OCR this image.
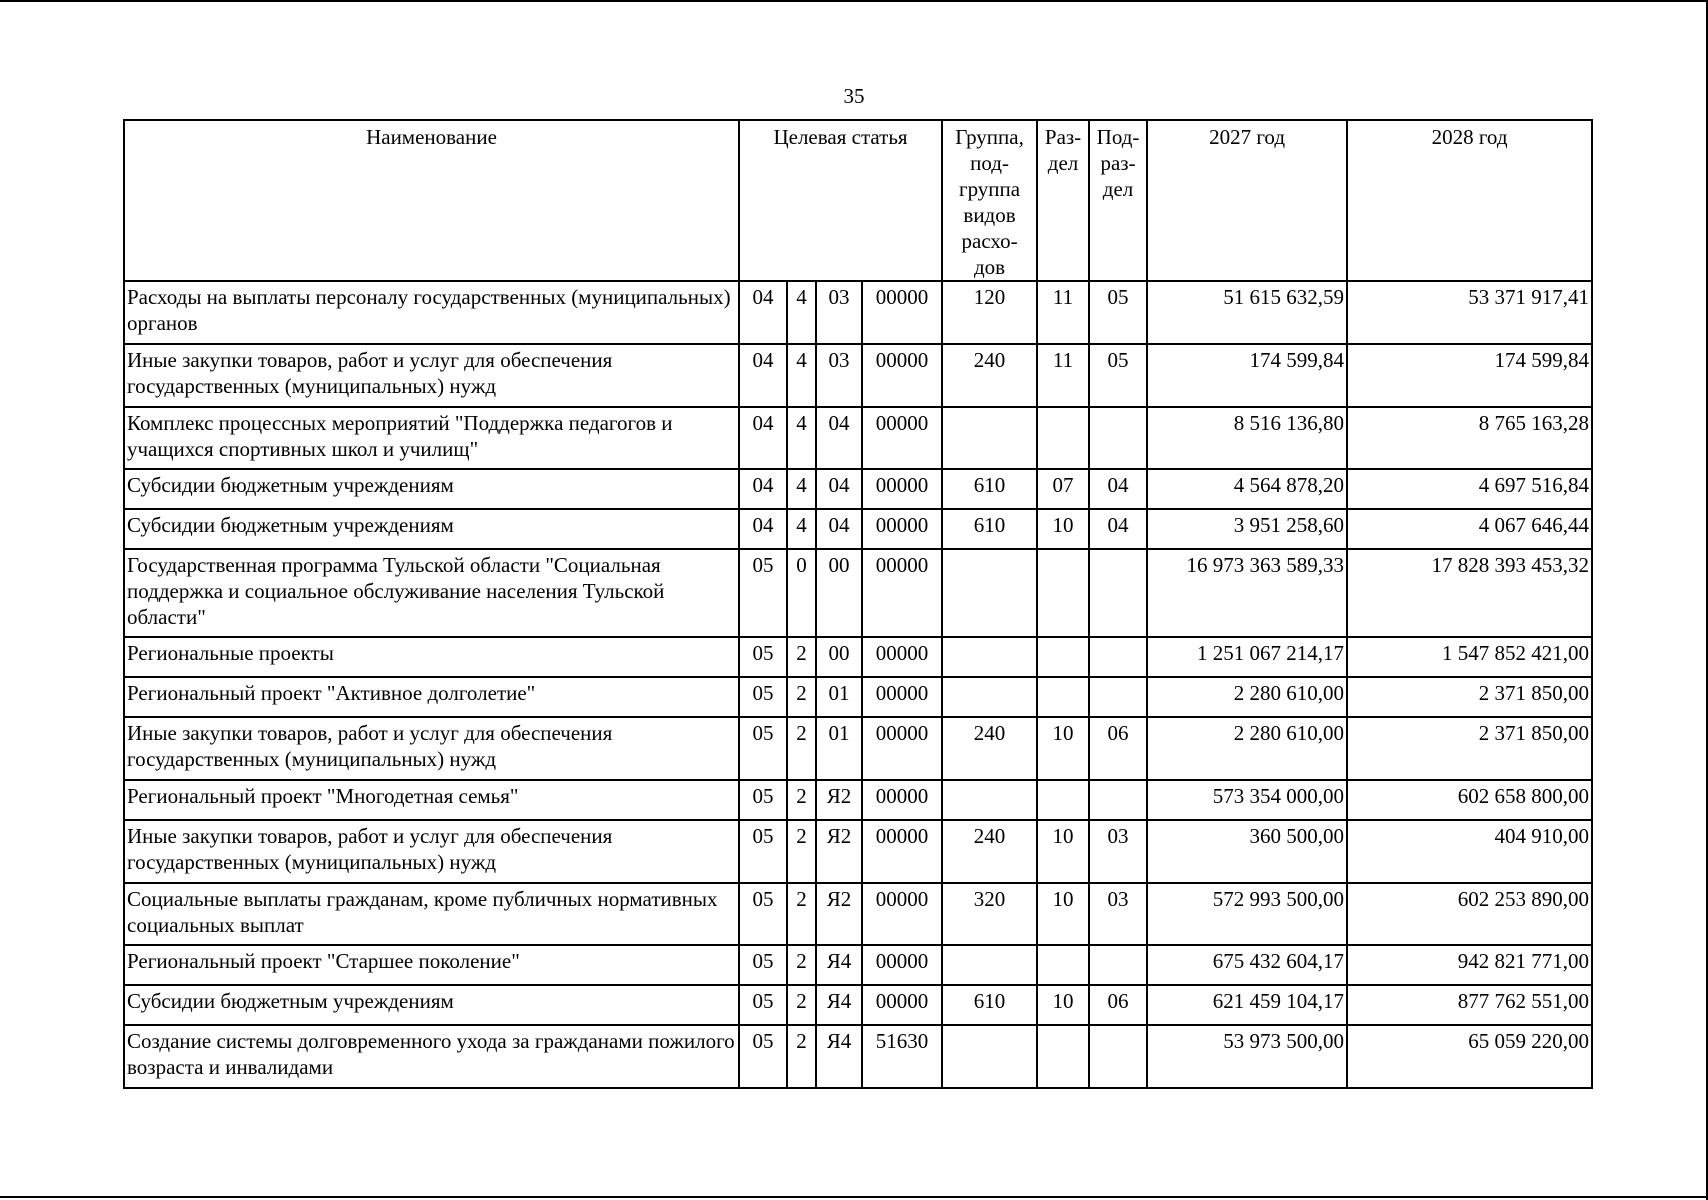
35
Наименование	Целевая статья				Группа, под-группа видов расхо-дов	Раз-дел	Под-раз-дел	2027 год	2028 год
Расходы на выплаты персоналу государственных (муниципальных) органов	04	4	03	00000	120	11	05	51 615 632,59	53 371 917,41
Иные закупки товаров, работ и услуг для обеспечения государственных (муниципальных) нужд	04	4	03	00000	240	11	05	174 599,84	174 599,84
Комплекс процессных мероприятий "Поддержка педагогов и учащихся спортивных школ и училищ"	04	4	04	00000				8 516 136,80	8 765 163,28
Субсидии бюджетным учреждениям	04	4	04	00000	610	07	04	4 564 878,20	4 697 516,84
Субсидии бюджетным учреждениям	04	4	04	00000	610	10	04	3 951 258,60	4 067 646,44
Государственная программа Тульской области "Социальная поддержка и социальное обслуживание населения Тульской области"	05	0	00	00000				16 973 363 589,33	17 828 393 453,32
Региональные проекты	05	2	00	00000				1 251 067 214,17	1 547 852 421,00
Региональный проект "Активное долголетие"	05	2	01	00000				2 280 610,00	2 371 850,00
Иные закупки товаров, работ и услуг для обеспечения государственных (муниципальных) нужд	05	2	01	00000	240	10	06	2 280 610,00	2 371 850,00
Региональный проект "Многодетная семья"	05	2	Я2	00000				573 354 000,00	602 658 800,00
Иные закупки товаров, работ и услуг для обеспечения государственных (муниципальных) нужд	05	2	Я2	00000	240	10	03	360 500,00	404 910,00
Социальные выплаты гражданам, кроме публичных нормативных социальных выплат	05	2	Я2	00000	320	10	03	572 993 500,00	602 253 890,00
Региональный проект "Старшее поколение"	05	2	Я4	00000				675 432 604,17	942 821 771,00
Субсидии бюджетным учреждениям	05	2	Я4	00000	610	10	06	621 459 104,17	877 762 551,00
Создание системы долговременного ухода за гражданами пожилого возраста и инвалидами	05	2	Я4	51630				53 973 500,00	65 059 220,00
